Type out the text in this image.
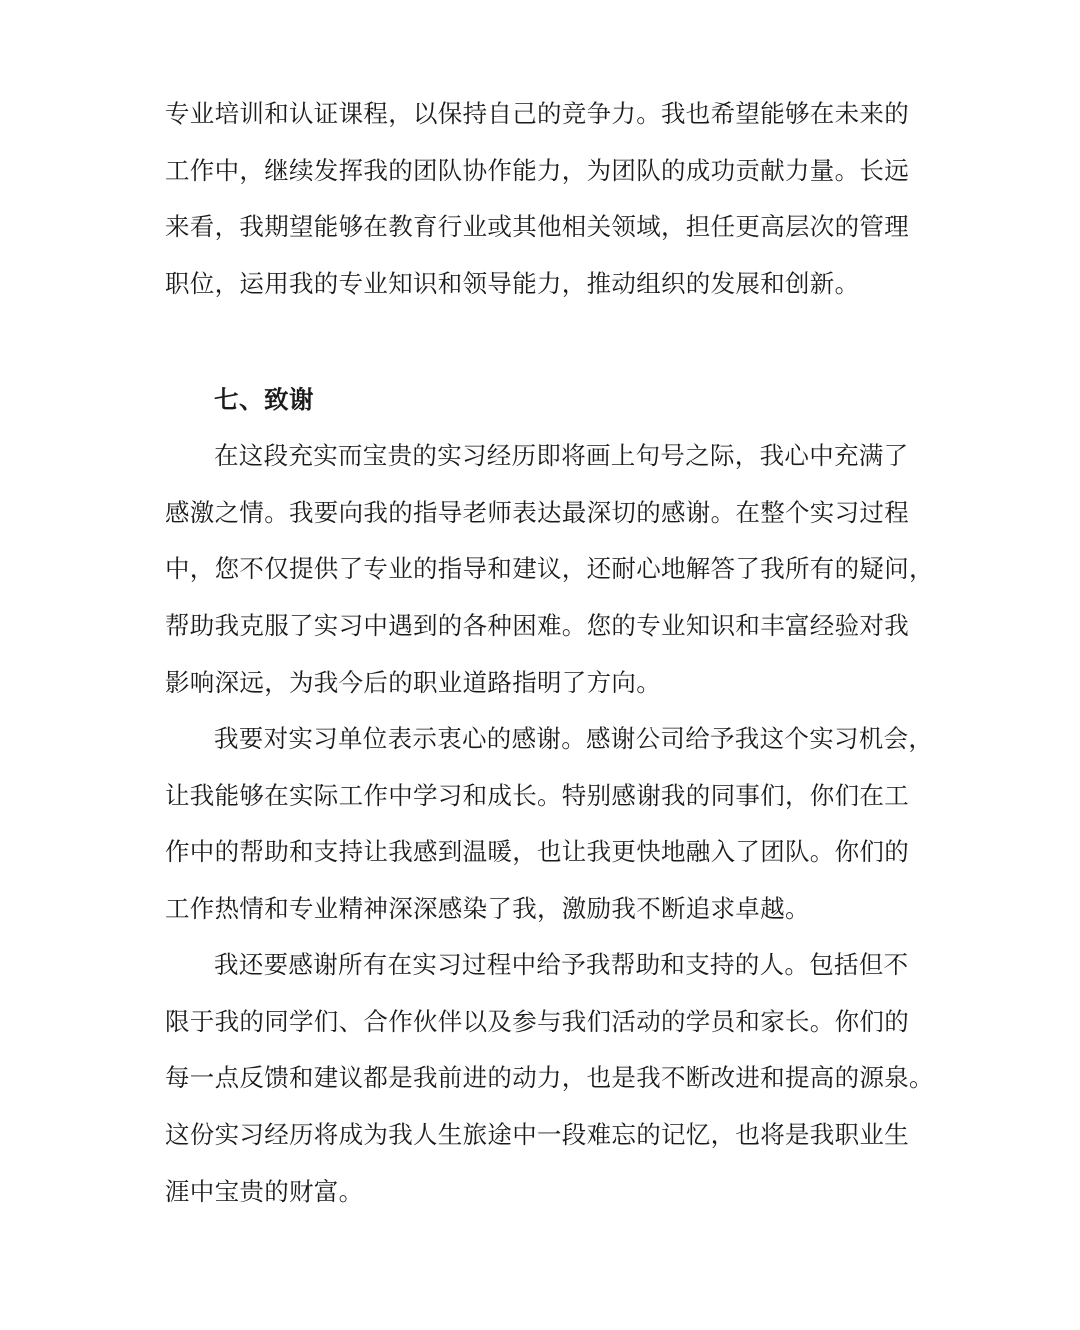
专业培训和认证课程，以保持自己的竞争力。我也希望能够在未来的
工作中，继续发挥我的团队协作能力，为团队的成功贡献力量。长远
来看，我期望能够在教育行业或其他相关领域，担任更高层次的管理
职位，运用我的专业知识和领导能力，推动组织的发展和创新。
七、致谢
在这段充实而宝贵的实习经历即将画上句号之际，我心中充满了
感激之情。我要向我的指导老师表达最深切的感谢。在整个实习过程
中，您不仅提供了专业的指导和建议，还耐心地解答了我所有的疑问，
帮助我克服了实习中遇到的各种困难。您的专业知识和丰富经验对我
影响深远，为我今后的职业道路指明了方向。
我要对实习单位表示衷心的感谢。感谢公司给予我这个实习机会，
让我能够在实际工作中学习和成长。特别感谢我的同事们，你们在工
作中的帮助和支持让我感到温暖，也让我更快地融入了团队。你们的
工作热情和专业精神深深感染了我，激励我不断追求卓越。
我还要感谢所有在实习过程中给予我帮助和支持的人。包括但不
限于我的同学们、合作伙伴以及参与我们活动的学员和家长。你们的
每一点反馈和建议都是我前进的动力，也是我不断改进和提高的源泉。
这份实习经历将成为我人生旅途中一段难忘的记忆，也将是我职业生
涯中宝贵的财富。
